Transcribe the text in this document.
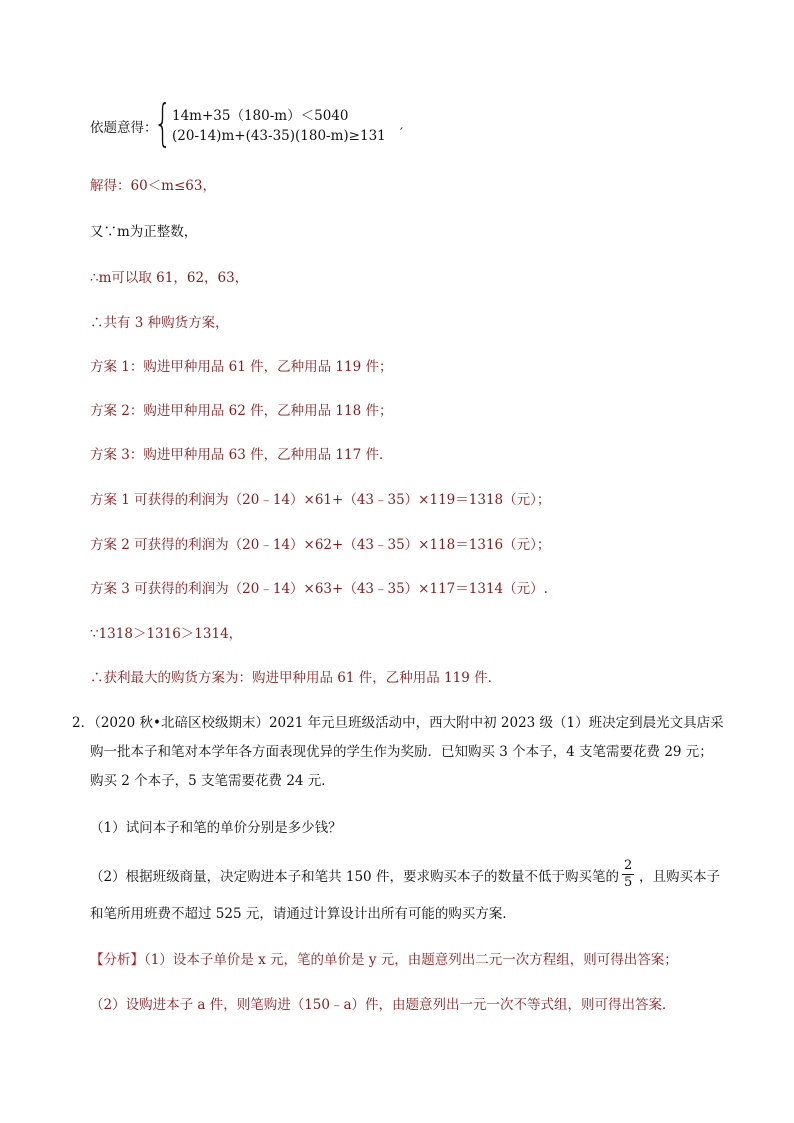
依题意得：
{ 14m+35（180-m）＜5040
(20-14)m+(43-35)(180-m)≥131 ′
解得：60＜m≤63，
又∵m为正整数，
∴m可以取 61，62，63，
∴共有 3 种购货方案，
方案 1：购进甲种用品 61 件，乙种用品 119 件；
方案 2：购进甲种用品 62 件，乙种用品 118 件；
方案 3：购进甲种用品 63 件，乙种用品 117 件．
方案 1 可获得的利润为（20﹣14）×61+（43﹣35）×119＝1318（元）；
方案 2 可获得的利润为（20﹣14）×62+（43﹣35）×118＝1316（元）；
方案 3 可获得的利润为（20﹣14）×63+（43﹣35）×117＝1314（元）.
∵1318＞1316＞1314，
∴获利最大的购货方案为：购进甲种用品 61 件，乙种用品 119 件．
2．（2020 秋•北碚区校级期末）2021 年元旦班级活动中，西大附中初 2023 级（1）班决定到晨光文具店采
购一批本子和笔对本学年各方面表现优异的学生作为奖励．已知购买 3 个本子，4 支笔需要花费 29 元；
购买 2 个本子，5 支笔需要花费 24 元．
（1）试问本子和笔的单价分别是多少钱？
（2）根据班级商量，决定购进本子和笔共 150 件，要求购买本子的数量不低于购买笔的 ，且购买本子
$\frac{2}{5}$
和笔所用班费不超过 525 元，请通过计算设计出所有可能的购买方案．
【分析】（1）设本子单价是 x 元，笔的单价是 y 元，由题意列出二元一次方程组，则可得出答案；
（2）设购进本子 a 件，则笔购进（150﹣a）件，由题意列出一元一次不等式组，则可得出答案．
